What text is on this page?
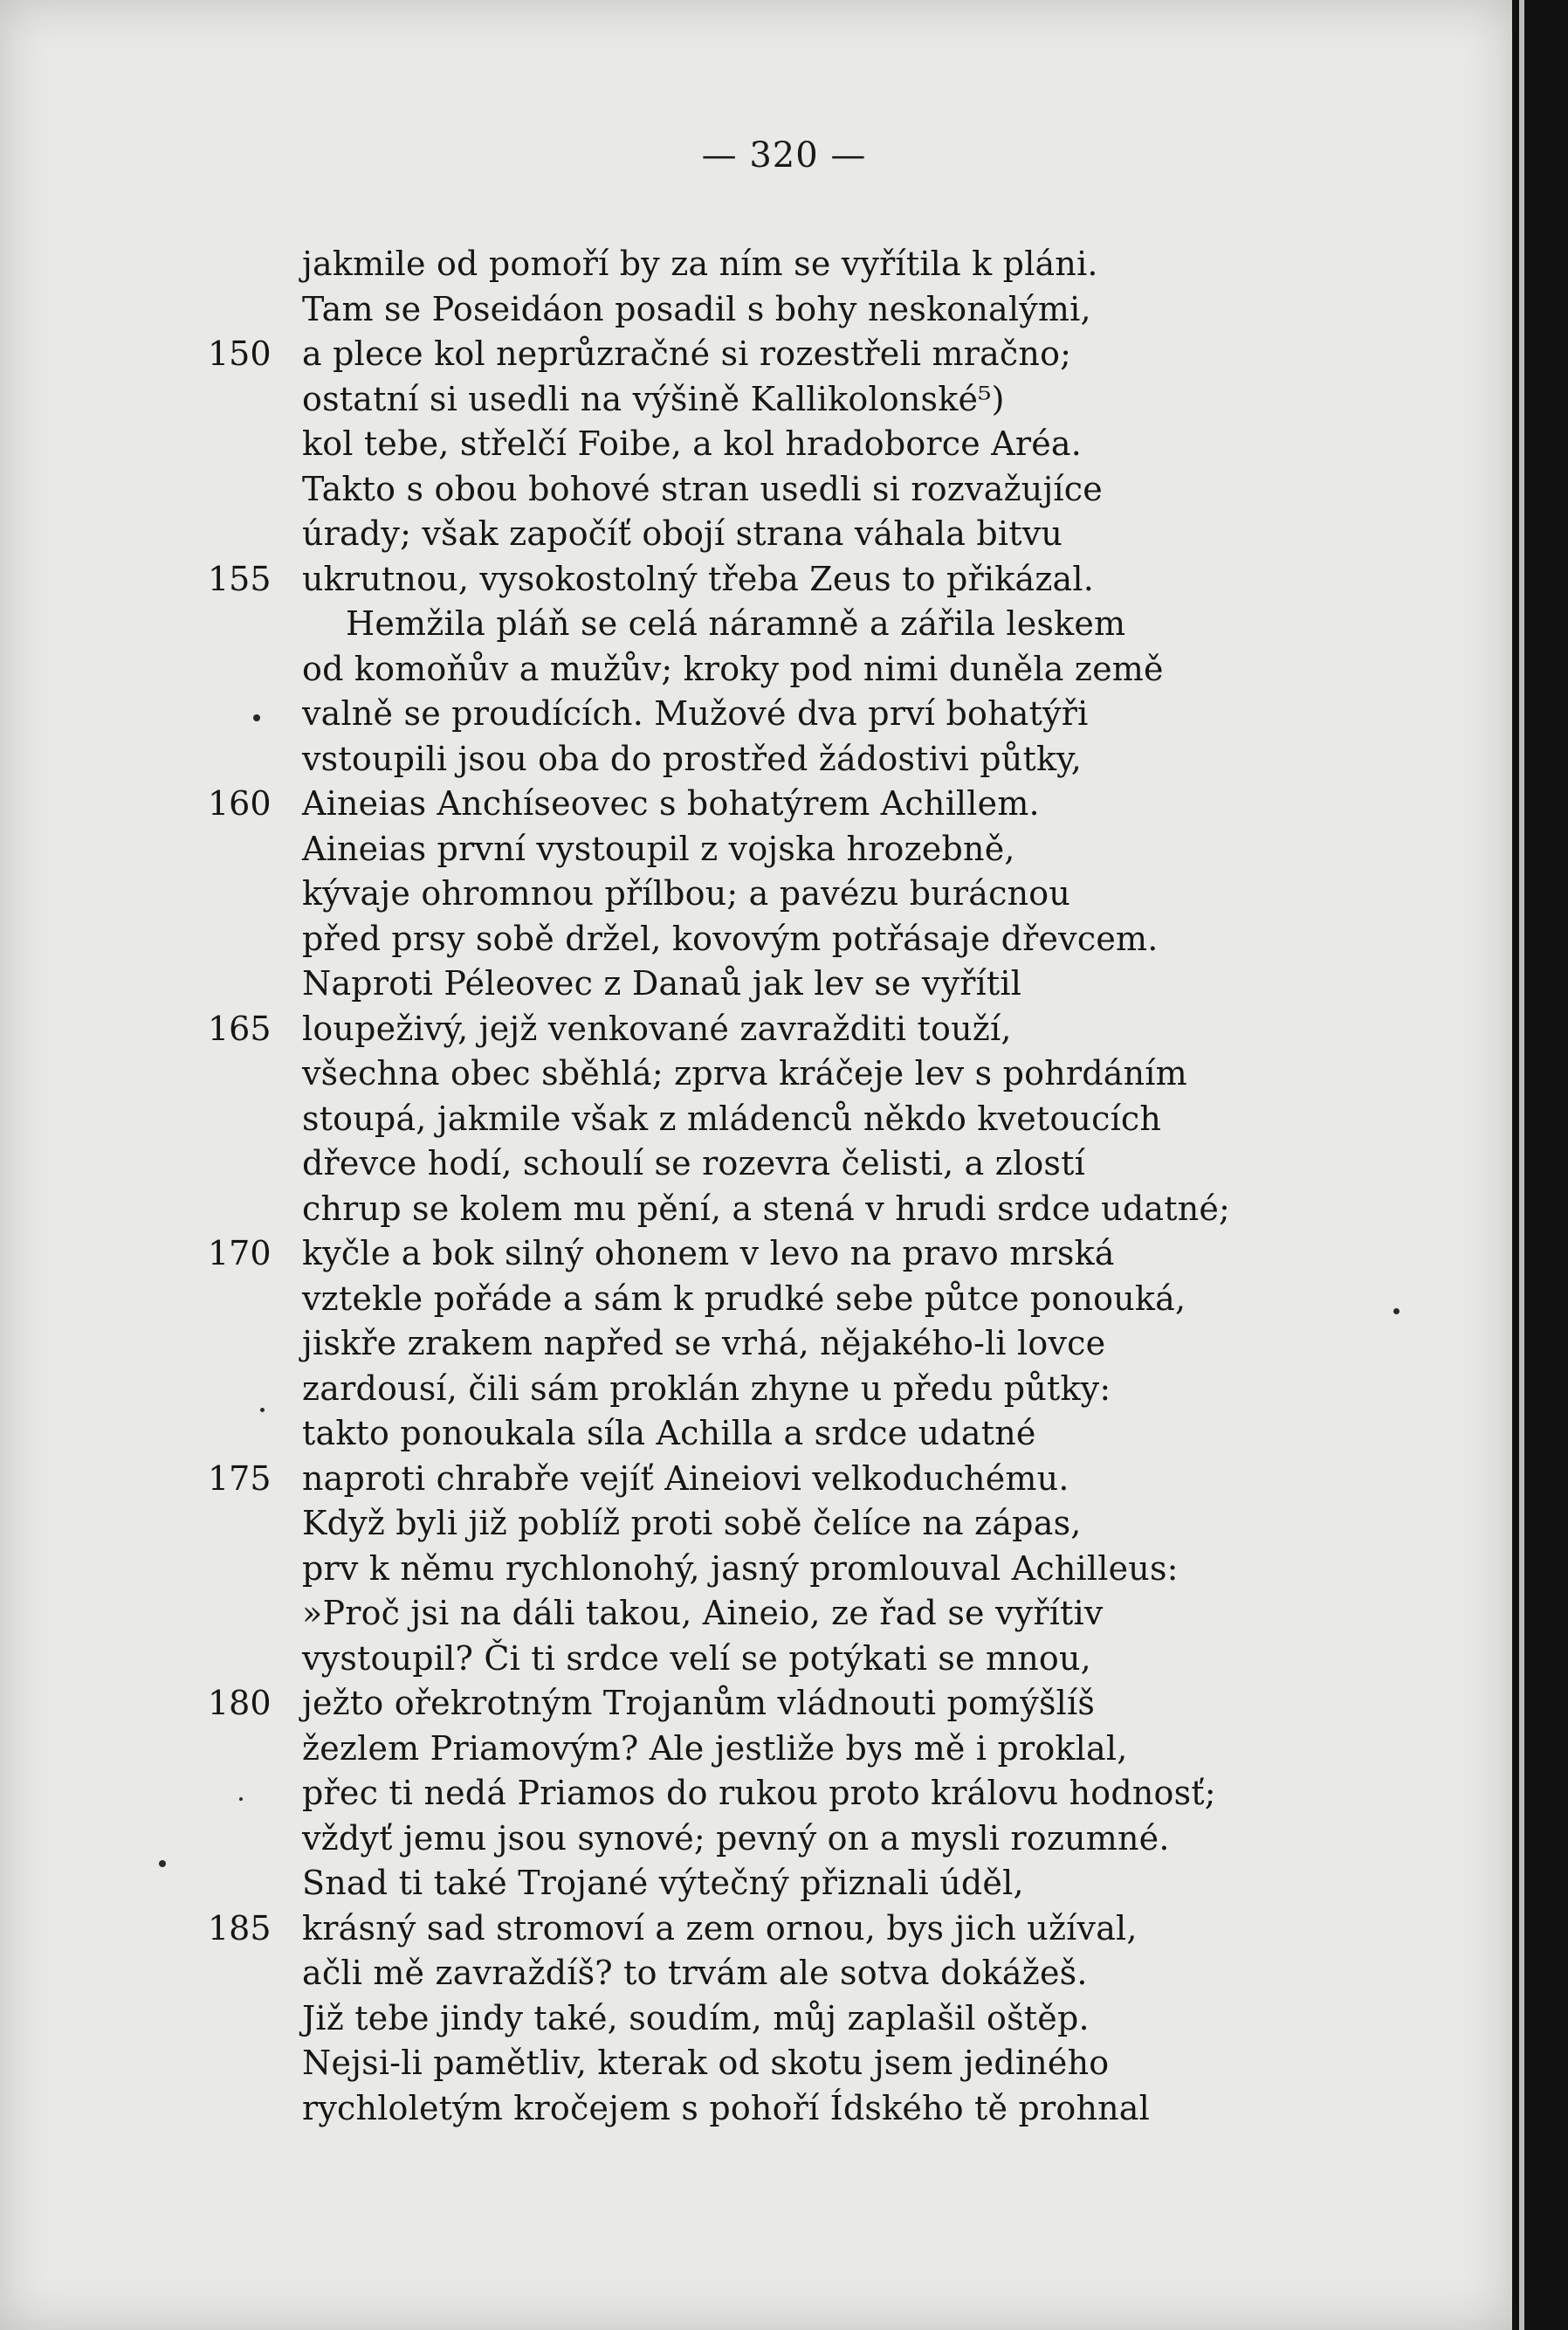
— 320 —
jakmile od pomoří by za ním se vyřítila k pláni.
Tam se Poseidáon posadil s bohy neskonalými,
150 a plece kol neprůzračné si rozestřeli mračno;
ostatní si usedli na výšině Kallikolonské⁵)
kol tebe, střelčí Foibe, a kol hradoborce Aréa.
Takto s obou bohové stran usedli si rozvažujíce
úrady; však započíť obojí strana váhala bitvu
155 ukrutnou, vysokostolný třeba Zeus to přikázal.
Hemžila pláň se celá náramně a zářila leskem
od komoňův a mužův; kroky pod nimi duněla země
valně se proudících. Mužové dva prví bohatýři
vstoupili jsou oba do prostřed žádostivi půtky,
160 Aineias Anchíseovec s bohatýrem Achillem.
Aineias první vystoupil z vojska hrozebně,
kývaje ohromnou přílbou; a pavézu burácnou
před prsy sobě držel, kovovým potřásaje dřevcem.
Naproti Péleovec z Danaů jak lev se vyřítil
165 loupeživý, jejž venkované zavražditi touží,
všechna obec sběhlá; zprva kráčeje lev s pohrdáním
stoupá, jakmile však z mládenců někdo kvetoucích
dřevce hodí, schoulí se rozevra čelisti, a zlostí
chrup se kolem mu pění, a stená v hrudi srdce udatné;
170 kyčle a bok silný ohonem v levo na pravo mrská
vztekle pořáde a sám k prudké sebe půtce ponouká,
jiskře zrakem napřed se vrhá, nějakého-li lovce
zardousí, čili sám proklán zhyne u předu půtky:
takto ponoukala síla Achilla a srdce udatné
175 naproti chrabře vejíť Aineiovi velkoduchému.
Když byli již poblíž proti sobě čelíce na zápas,
prv k němu rychlonohý, jasný promlouval Achilleus:
»Proč jsi na dáli takou, Aineio, ze řad se vyřítiv
vystoupil? Či ti srdce velí se potýkati se mnou,
180 ježto ořekrotným Trojanům vládnouti pomýšlíš
žezlem Priamovým? Ale jestliže bys mě i proklal,
přec ti nedá Priamos do rukou proto královu hodnosť;
vždyť jemu jsou synové; pevný on a mysli rozumné.
Snad ti také Trojané výtečný přiznali úděl,
185 krásný sad stromoví a zem ornou, bys jich užíval,
ačli mě zavraždíš? to trvám ale sotva dokážeš.
Již tebe jindy také, soudím, můj zaplašil oštěp.
Nejsi-li pamětliv, kterak od skotu jsem jediného
rychloletým kročejem s pohoří Ídského tě prohnal
